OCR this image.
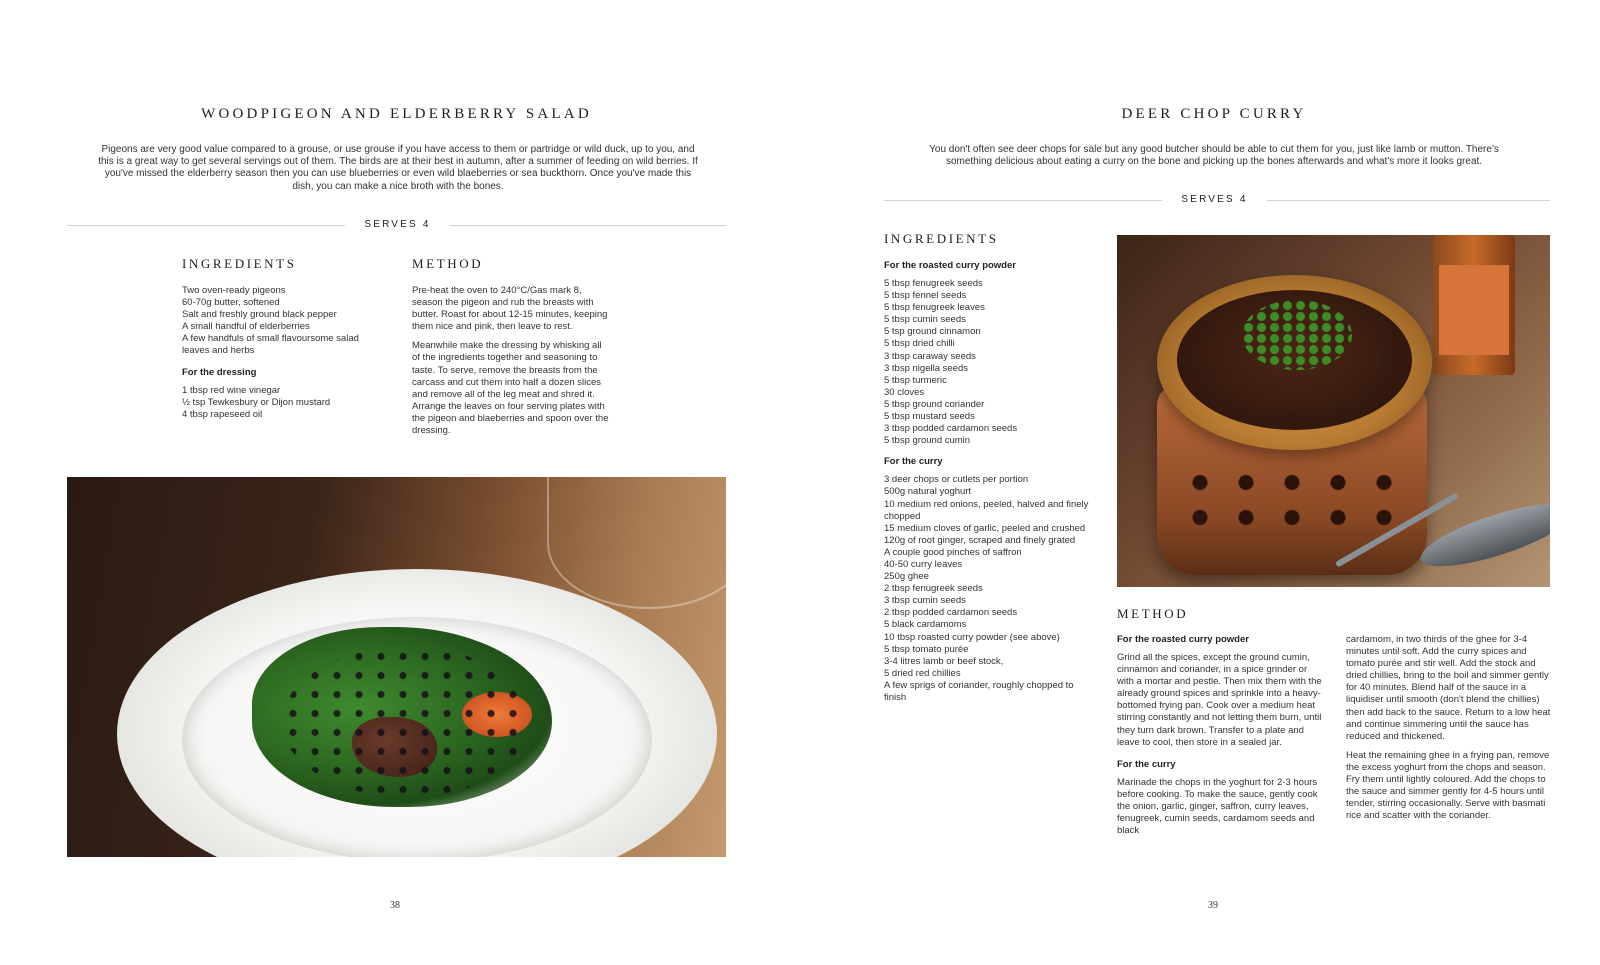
WOODPIGEON AND ELDERBERRY SALAD

Pigeons are very good value compared to a grouse, or use grouse if you have access to them or partridge or wild duck, up to you, and this is a great way to get several servings out of them. The birds are at their best in autumn, after a summer of feeding on wild berries. If you've missed the elderberry season then you can use blueberries or even wild blaeberries or sea buckthorn. Once you've made this dish, you can make a nice broth with the bones.

SERVES 4
INGREDIENTS
Two oven-ready pigeons
60-70g butter, softened
Salt and freshly ground black pepper
A small handful of elderberries
A few handfuls of small flavoursome salad leaves and herbs

For the dressing

1 tbsp red wine vinegar
½ tsp Tewkesbury or Dijon mustard
4 tbsp rapeseed oil
METHOD

Pre-heat the oven to 240°C/Gas mark 8, season the pigeon and rub the breasts with butter. Roast for about 12-15 minutes, keeping them nice and pink, then leave to rest.

Meanwhile make the dressing by whisking all of the ingredients together and seasoning to taste. To serve, remove the breasts from the carcass and cut them into half a dozen slices and remove all of the leg meat and shred it. Arrange the leaves on four serving plates with the pigeon and blaeberries and spoon over the dressing.

38
DEER CHOP CURRY

You don't often see deer chops for sale but any good butcher should be able to cut them for you, just like lamb or mutton. There's something delicious about eating a curry on the bone and picking up the bones afterwards and what's more it looks great.

SERVES 4
INGREDIENTS

For the roasted curry powder

5 tbsp fenugreek seeds
5 tbsp fennel seeds
5 tbsp fenugreek leaves
5 tbsp cumin seeds
5 tsp ground cinnamon
5 tbsp dried chilli
3 tbsp caraway seeds
3 tbsp nigella seeds
5 tbsp turmeric
30 cloves
5 tbsp ground coriander
5 tbsp mustard seeds
3 tbsp podded cardamon seeds
5 tbsp ground cumin

For the curry

3 deer chops or cutlets per portion
500g natural yoghurt
10 medium red onions, peeled, halved and finely chopped
15 medium cloves of garlic, peeled and crushed
120g of root ginger, scraped and finely grated
A couple good pinches of saffron
40-50 curry leaves
250g ghee
2 tbsp fenugreek seeds
3 tbsp cumin seeds
2 tbsp podded cardamon seeds
5 black cardamoms
10 tbsp roasted curry powder (see above)
5 tbsp tomato purée
3-4 litres lamb or beef stock,
5 dried red chillies
A few sprigs of coriander, roughly chopped to finish
METHOD

For the roasted curry powder

Grind all the spices, except the ground cumin, cinnamon and coriander, in a spice grinder or with a mortar and pestle. Then mix them with the already ground spices and sprinkle into a heavy-bottomed frying pan. Cook over a medium heat stirring constantly and not letting them burn, until they turn dark brown. Transfer to a plate and leave to cool, then store in a sealed jar.

For the curry

Marinade the chops in the yoghurt for 2-3 hours before cooking. To make the sauce, gently cook the onion, garlic, ginger, saffron, curry leaves, fenugreek, cumin seeds, cardamom seeds and black

cardamom, in two thirds of the ghee for 3-4 minutes until soft. Add the curry spices and tomato purée and stir well. Add the stock and dried chillies, bring to the boil and simmer gently for 40 minutes. Blend half of the sauce in a liquidiser until smooth (don't blend the chillies) then add back to the sauce. Return to a low heat and continue simmering until the sauce has reduced and thickened.

Heat the remaining ghee in a frying pan, remove the excess yoghurt from the chops and season. Fry them until lightly coloured. Add the chops to the sauce and simmer gently for 4-5 hours until tender, stirring occasionally. Serve with basmati rice and scatter with the coriander.

39
